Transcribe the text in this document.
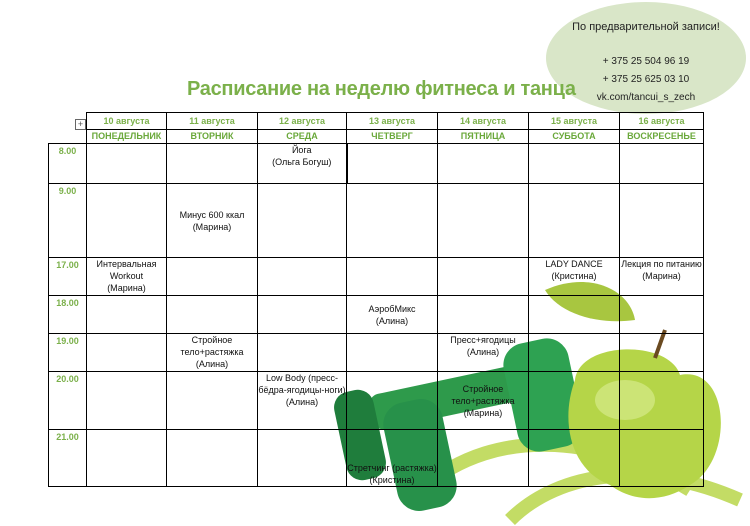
По предварительной записи!
+ 375 25 504 96 19
+ 375 25 625 03 10
vk.com/tancui_s_zech
Расписание на неделю фитнеса и танца
+
		10 августа	11 августа	12 августа	13 августа	14 августа	15 августа	16 августа
	ПОНЕДЕЛЬНИК	ВТОРНИК	СРЕДА	ЧЕТВЕРГ	ПЯТНИЦА	СУББОТА	ВОСКРЕСЕНЬЕ
8.00			Йога
(Ольга Богуш)				

9.00		Минус 600 ккал
(Марина)					

17.00	Интервальная Workout
(Марина)					LADY DANCE
(Кристина)	Лекция по питанию
(Марина)

18.00				АэробМикс
(Алина)			

19.00		Стройное тело+растяжка
(Алина)			Пресс+ягодицы
(Алина)		

20.00			Low Body (пресс-бёдра-ягодицы-ноги)
(Алина)		Стройное тело+растяжка
(Марина)		

21.00				Стретчинг (растяжка)
(Кристина)			
